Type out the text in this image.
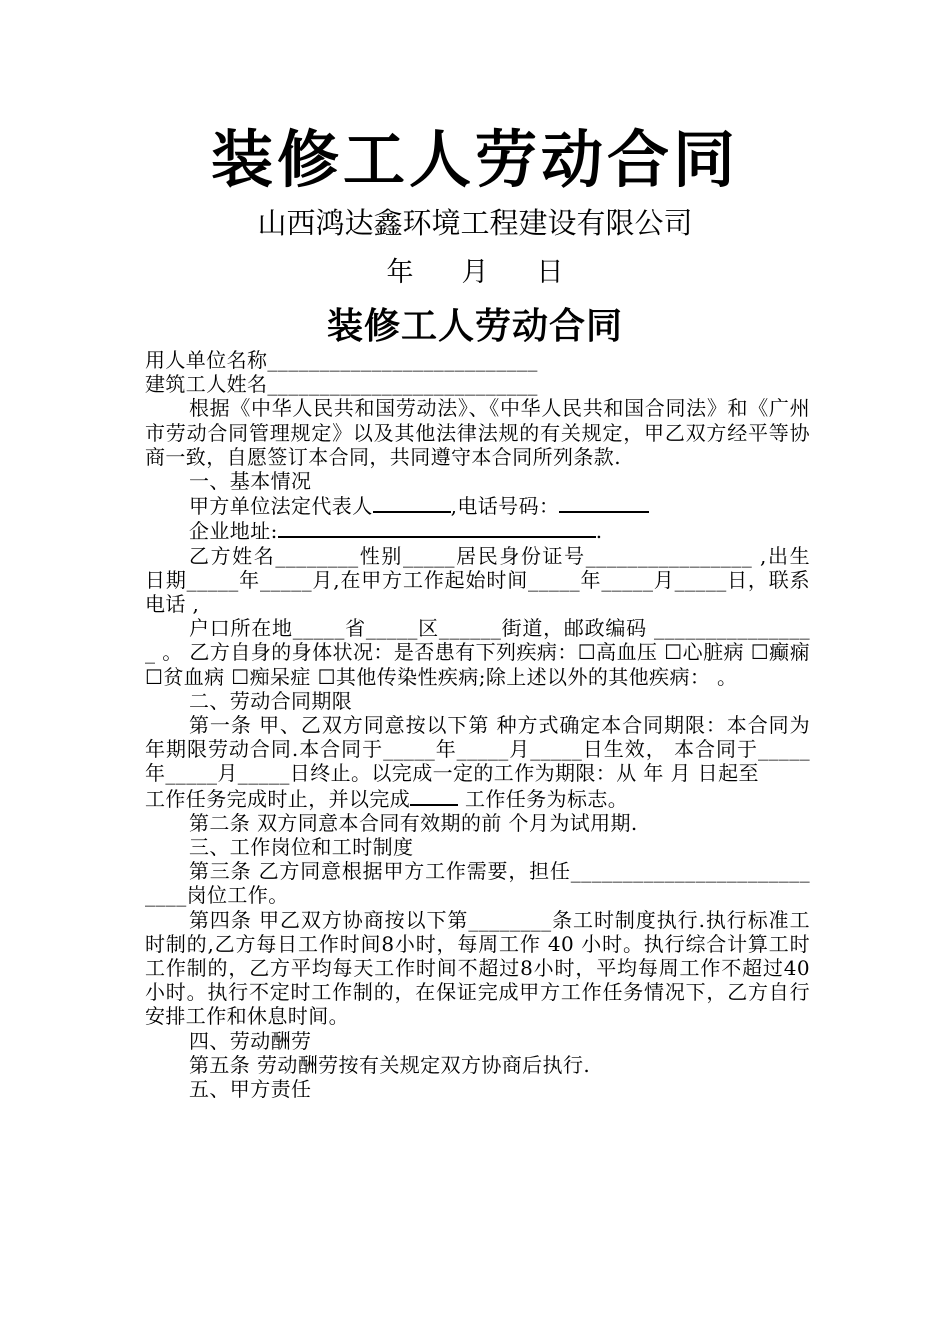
装修工人劳动合同
山西鸿达鑫环境工程建设有限公司
年 月 日
装修工人劳动合同

用人单位名称__________________________

建筑工人姓名__________________________

根据《中华人民共和国劳动法》、《中华人民共和国合同法》和《广州市劳动合同管理规定》以及其他法律法规的有关规定，甲乙双方经平等协商一致，自愿签订本合同，共同遵守本合同所列条款.

一、基本情况

甲方单位法定代表人	,电话号码：

企业地址:	.

乙方姓名________性别_____居民身份证号________________ ,出生日期_____年_____月,在甲方工作起始时间_____年_____月_____日，联系电话 ,

户口所在地_____省_____区______街道，邮政编码 ________________ 。 乙方自身的身体状况：是否患有下列疾病：☐高血压 ☐心脏病 ☐癫痫 ☐贫血病 ☐痴呆症 ☐其他传染性疾病;除上述以外的其他疾病： 。

二、劳动合同期限

第一条 甲、乙双方同意按以下第 种方式确定本合同期限：本合同为 年期限劳动合同.本合同于_____年_____月_____日生效， 本合同于_____年_____月_____日终止。以完成一定的工作为期限：从 年 月 日起至

工作任务完成时止，并以完成 工作任务为标志。

第二条 双方同意本合同有效期的前 个月为试用期.

三、工作岗位和工时制度

第三条 乙方同意根据甲方工作需要，担任___________________________岗位工作。

第四条 甲乙双方协商按以下第________条工时制度执行.执行标准工时制的,乙方每日工作时间8小时，每周工作 40 小时。执行综合计算工时工作制的，乙方平均每天工作时间不超过8小时，平均每周工作不超过40小时。执行不定时工作制的，在保证完成甲方工作任务情况下，乙方自行安排工作和休息时间。

四、劳动酬劳

第五条 劳动酬劳按有关规定双方协商后执行.

五、甲方责任
